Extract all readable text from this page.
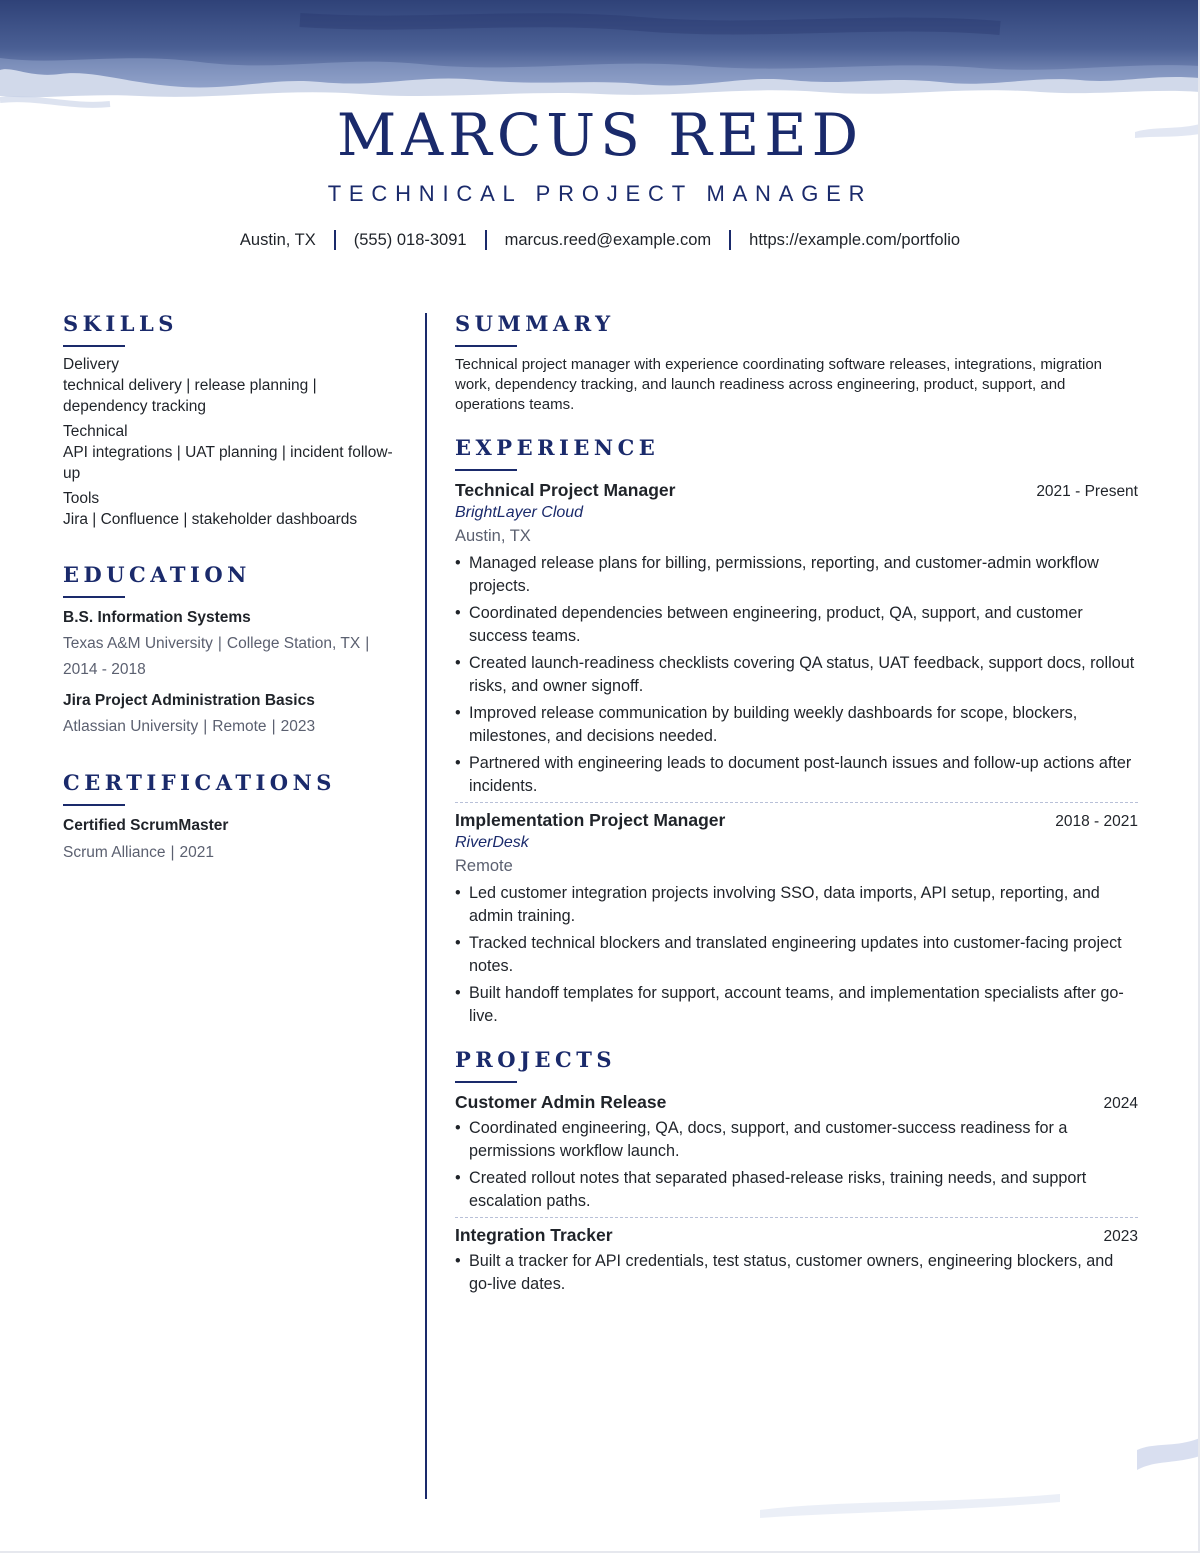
MARCUS REED
TECHNICAL PROJECT MANAGER
Austin, TX (555) 018-3091 marcus.reed@example.com https://example.com/portfolio
SKILLS
Delivery
technical delivery | release planning | dependency tracking
Technical
API integrations | UAT planning | incident follow-up
Tools
Jira | Confluence | stakeholder dashboards
EDUCATION
B.S. Information Systems
Texas A&M University | College Station, TX |
2014 - 2018
Jira Project Administration Basics
Atlassian University | Remote | 2023
CERTIFICATIONS
Certified ScrumMaster
Scrum Alliance | 2021
SUMMARY
Technical project manager with experience coordinating software releases, integrations, migration work, dependency tracking, and launch readiness across engineering, product, support, and operations teams.
EXPERIENCE
Technical Project Manager	2021 - Present
BrightLayer Cloud
Austin, TX
• Managed release plans for billing, permissions, reporting, and customer-admin workflow projects.
• Coordinated dependencies between engineering, product, QA, support, and customer success teams.
• Created launch-readiness checklists covering QA status, UAT feedback, support docs, rollout risks, and owner signoff.
• Improved release communication by building weekly dashboards for scope, blockers, milestones, and decisions needed.
• Partnered with engineering leads to document post-launch issues and follow-up actions after incidents.
Implementation Project Manager	2018 - 2021
RiverDesk
Remote
• Led customer integration projects involving SSO, data imports, API setup, reporting, and admin training.
• Tracked technical blockers and translated engineering updates into customer-facing project notes.
• Built handoff templates for support, account teams, and implementation specialists after go-live.
PROJECTS
Customer Admin Release	2024
• Coordinated engineering, QA, docs, support, and customer-success readiness for a permissions workflow launch.
• Created rollout notes that separated phased-release risks, training needs, and support escalation paths.
Integration Tracker	2023
• Built a tracker for API credentials, test status, customer owners, engineering blockers, and go-live dates.
